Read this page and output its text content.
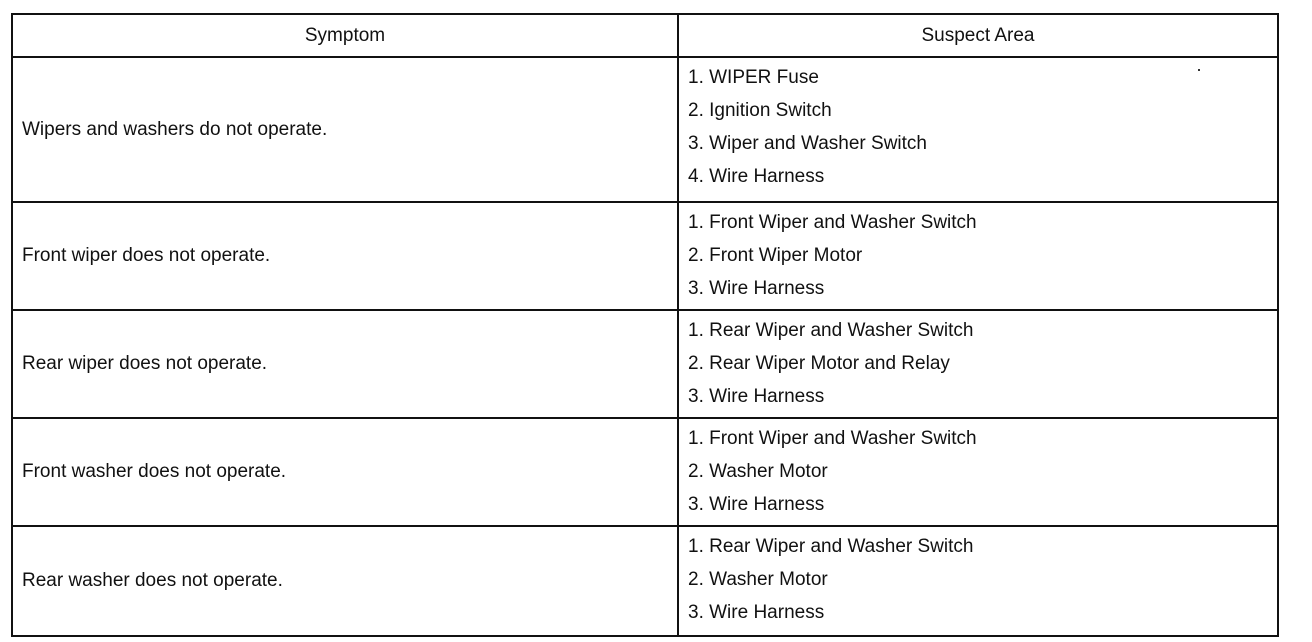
Symptom	Suspect Area
Wipers and washers do not operate.
1. WIPER Fuse
2. Ignition Switch
3. Wiper and Washer Switch
4. Wire Harness
Front wiper does not operate.
1. Front Wiper and Washer Switch
2. Front Wiper Motor
3. Wire Harness
Rear wiper does not operate.
1. Rear Wiper and Washer Switch
2. Rear Wiper Motor and Relay
3. Wire Harness
Front washer does not operate.
1. Front Wiper and Washer Switch
2. Washer Motor
3. Wire Harness
Rear washer does not operate.
1. Rear Wiper and Washer Switch
2. Washer Motor
3. Wire Harness
